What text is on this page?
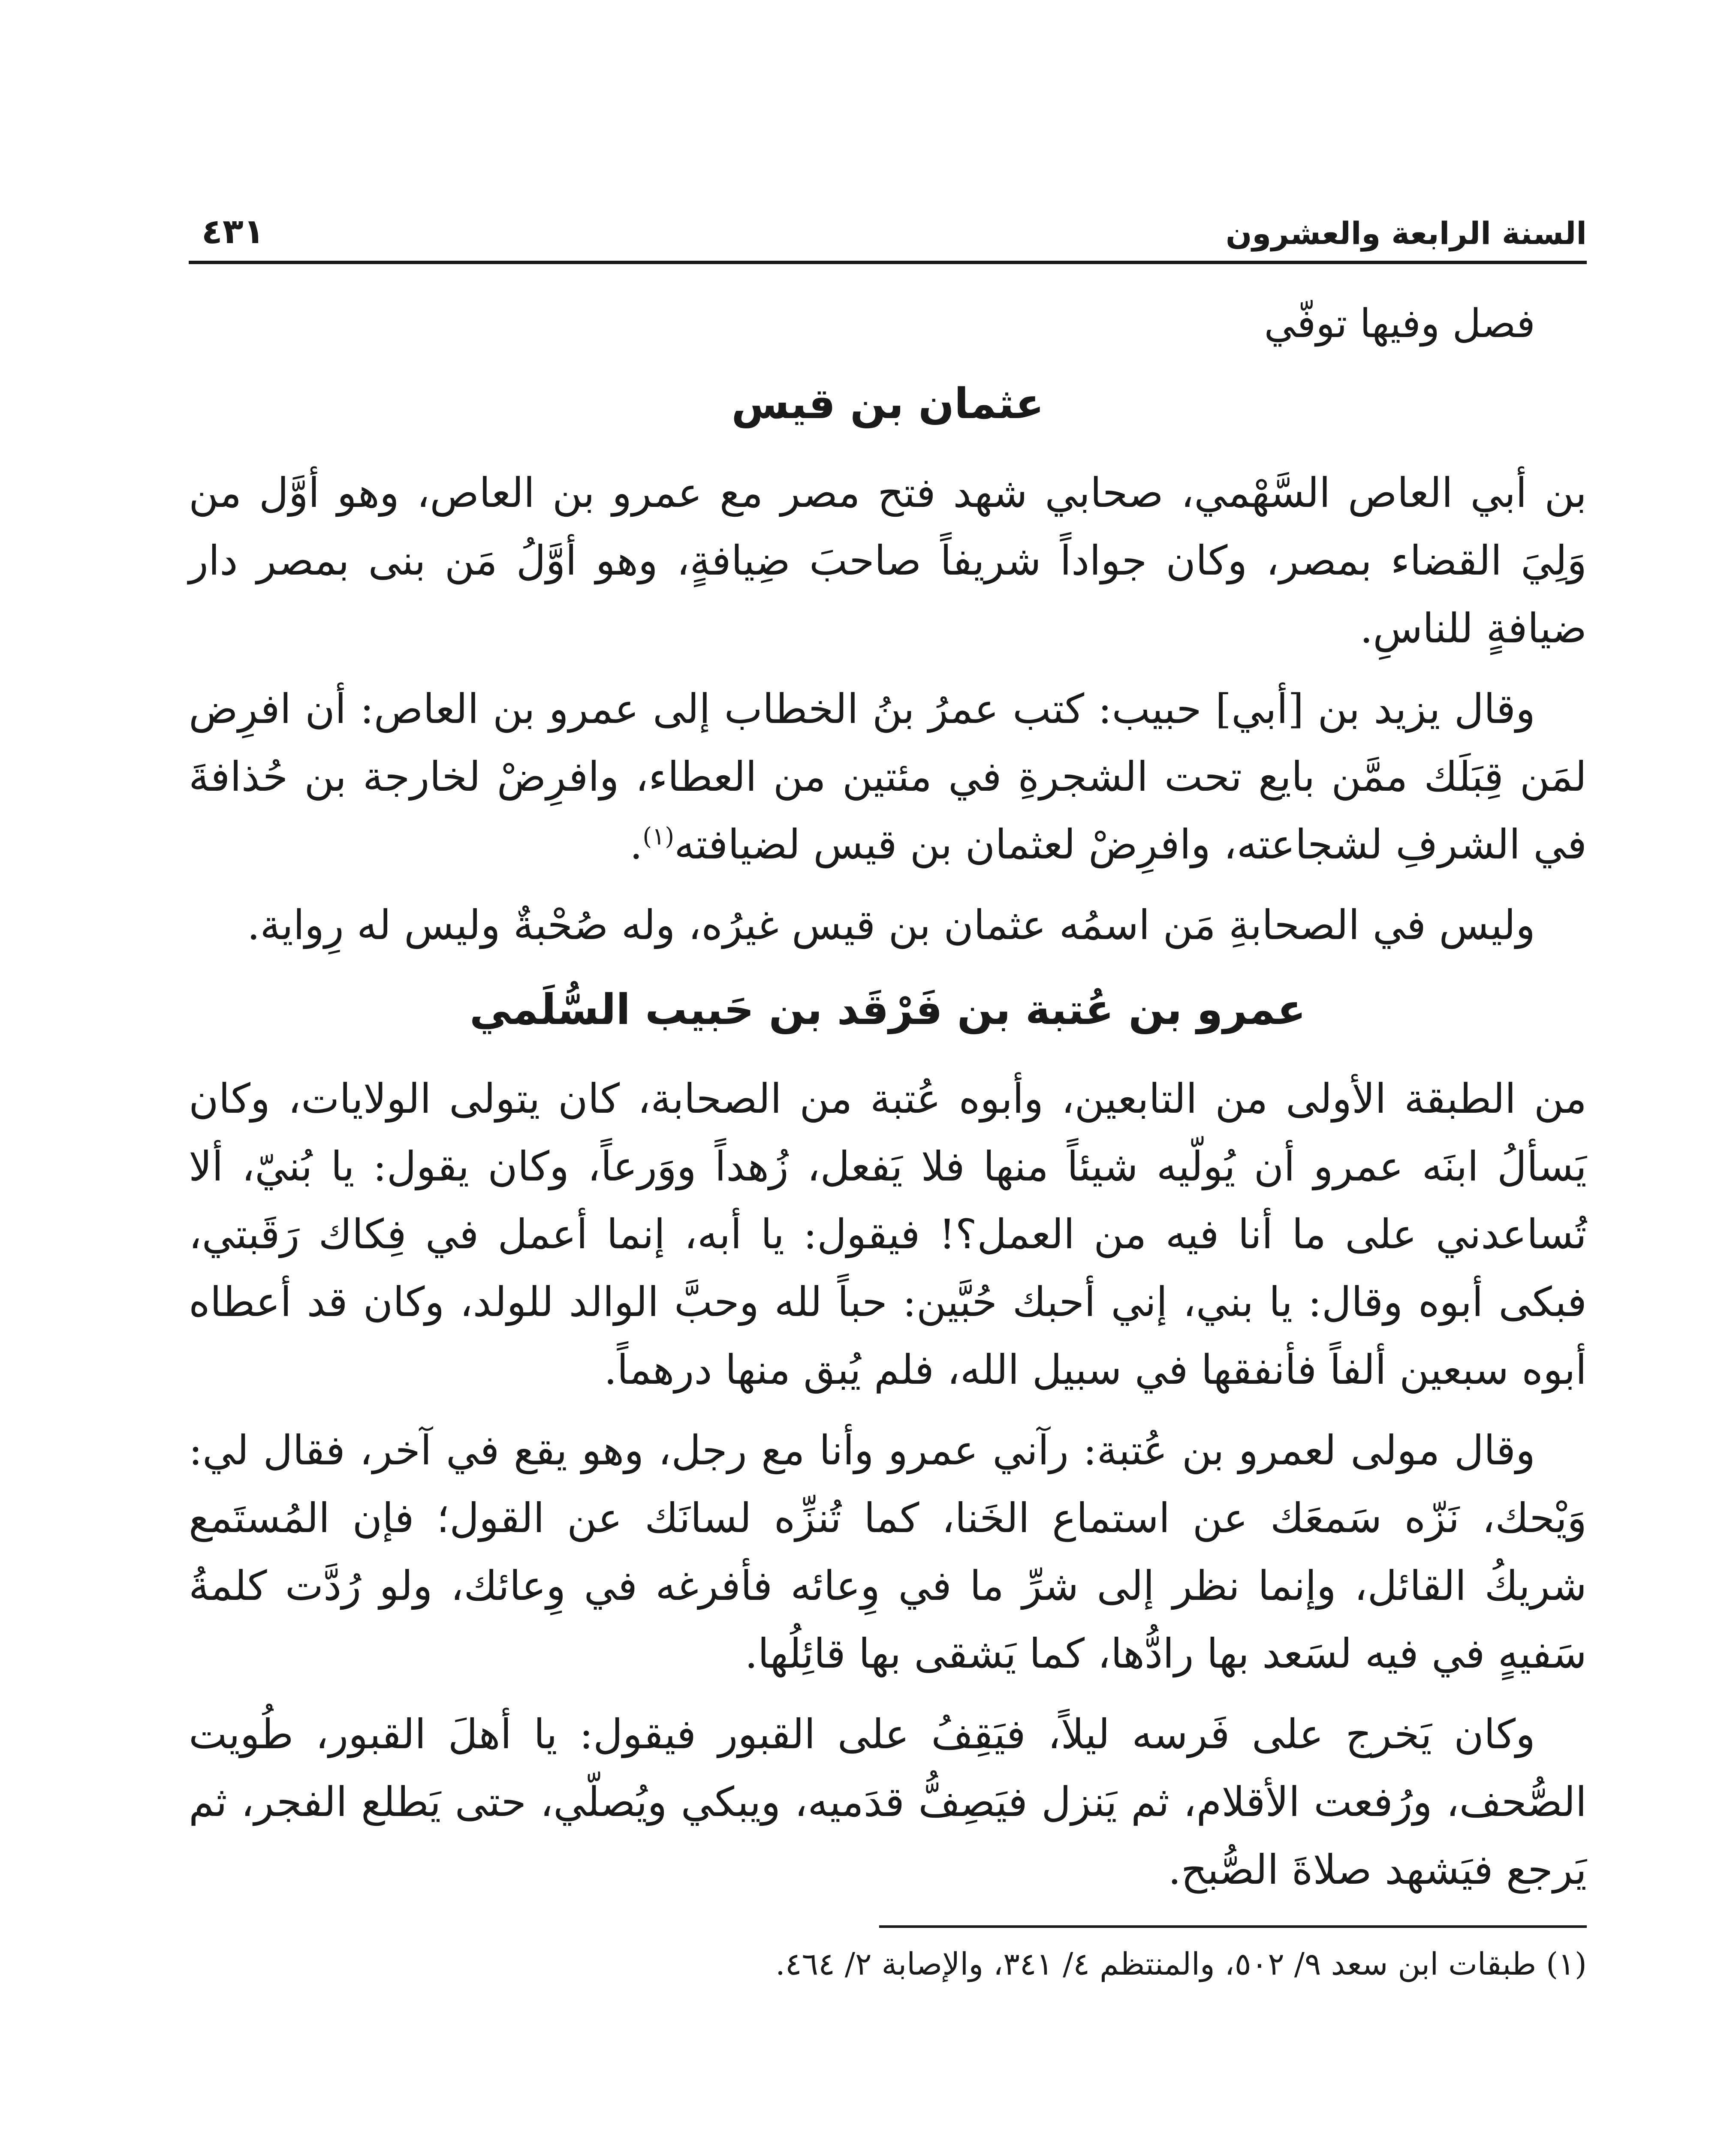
السنة الرابعة والعشرون
٤٣١
فصل وفيها توفّي
عثمان بن قيس

بن أبي العاص السَّهْمي، صحابي شهد فتح مصر مع عمرو بن العاص، وهو أوَّل من وَلِيَ القضاء بمصر، وكان جواداً شريفاً صاحبَ ضِيافةٍ، وهو أوَّلُ مَن بنى بمصر دار ضيافةٍ للناسِ.

وقال يزيد بن [أبي] حبيب: كتب عمرُ بنُ الخطاب إلى عمرو بن العاص: أن افرِض لمَن قِبَلَك ممَّن بايع تحت الشجرةِ في مئتين من العطاء، وافرِضْ لخارجة بن حُذافةَ في الشرفِ لشجاعته، وافرِضْ لعثمان بن قيس لضيافته$^{(١)}$.

وليس في الصحابةِ مَن اسمُه عثمان بن قيس غيرُه، وله صُحْبةٌ وليس له رِواية.

عمرو بن عُتبة بن فَرْقَد بن حَبيب السُّلَمي

من الطبقة الأولى من التابعين، وأبوه عُتبة من الصحابة، كان يتولى الولايات، وكان يَسألُ ابنَه عمرو أن يُولّيه شيئاً منها فلا يَفعل، زُهداً ووَرعاً، وكان يقول: يا بُنيّ، ألا تُساعدني على ما أنا فيه من العمل؟! فيقول: يا أبه، إنما أعمل في فِكاك رَقَبتي، فبكى أبوه وقال: يا بني، إني أحبك حُبَّين: حباً لله وحبَّ الوالد للولد، وكان قد أعطاه أبوه سبعين ألفاً فأنفقها في سبيل الله، فلم يُبق منها درهماً.

وقال مولى لعمرو بن عُتبة: رآني عمرو وأنا مع رجل، وهو يقع في آخر، فقال لي: وَيْحك، نَزّه سَمعَك عن استماع الخَنا، كما تُنزِّه لسانَك عن القول؛ فإن المُستَمع شريكُ القائل، وإنما نظر إلى شرِّ ما في وِعائه فأفرغه في وِعائك، ولو رُدَّت كلمةُ سَفيهٍ في فيه لسَعد بها رادُّها، كما يَشقى بها قائِلُها.

وكان يَخرج على فَرسه ليلاً، فيَقِفُ على القبور فيقول: يا أهلَ القبور، طُويت الصُّحف، ورُفعت الأقلام، ثم يَنزل فيَصِفُّ قدَميه، ويبكي ويُصلّي، حتى يَطلع الفجر، ثم يَرجع فيَشهد صلاةَ الصُّبح.

(١) طبقات ابن سعد ٩/ ٥٠٢، والمنتظم ٤/ ٣٤١، والإصابة ٢/ ٤٦٤.
